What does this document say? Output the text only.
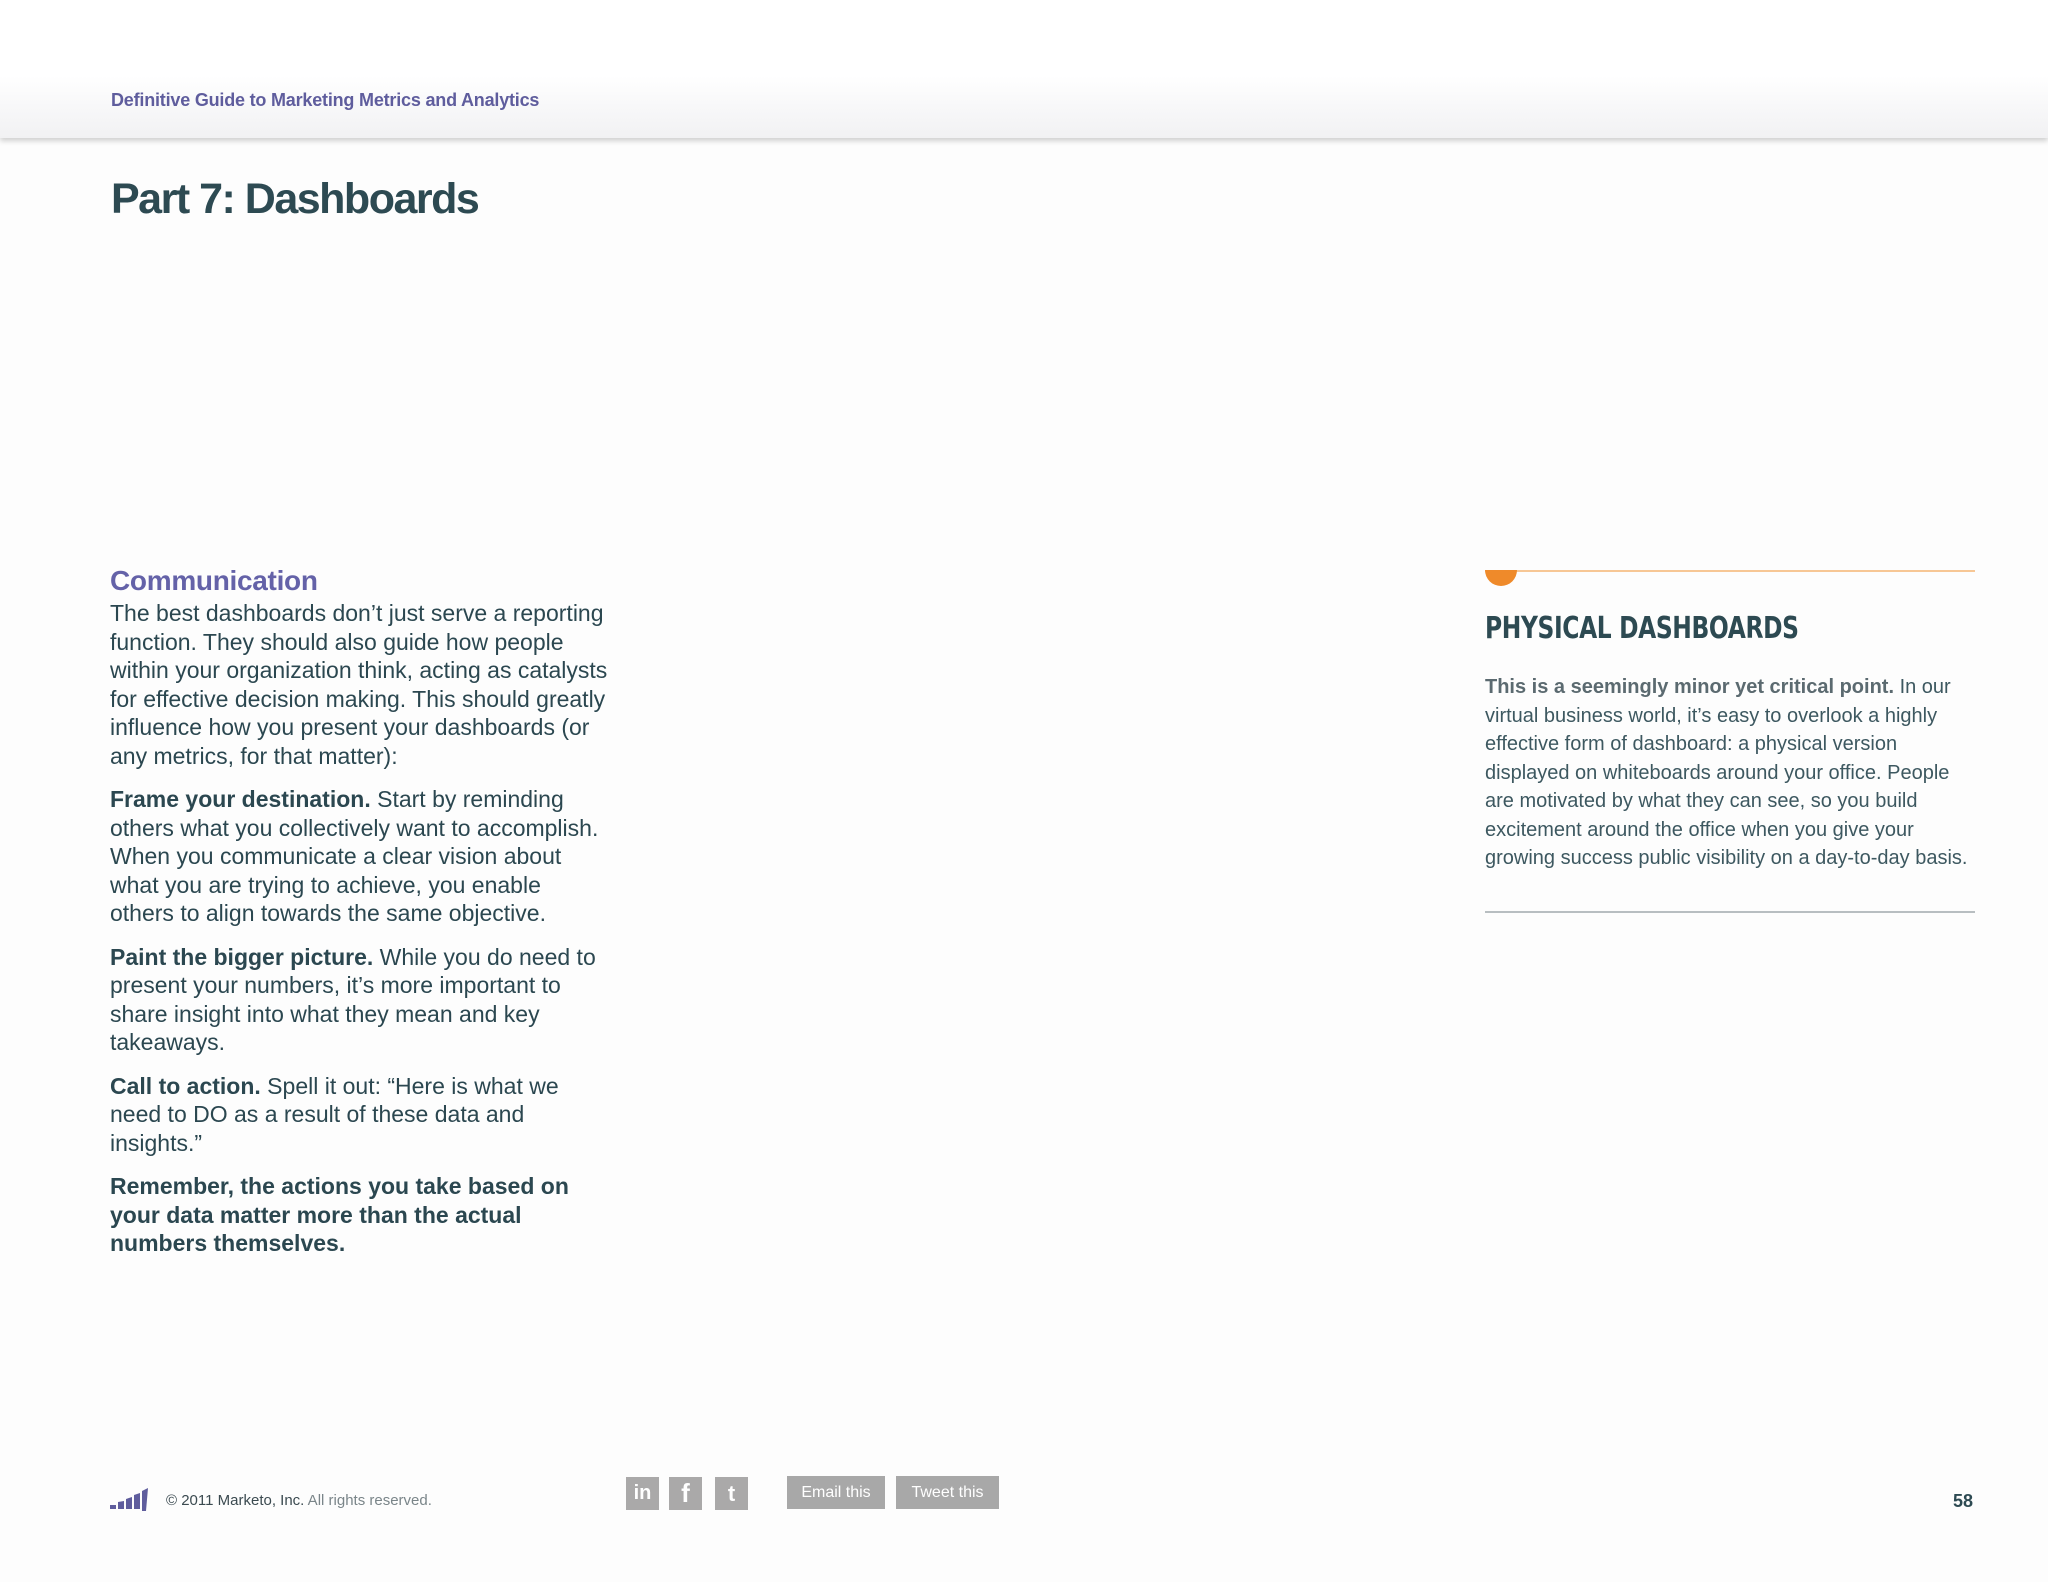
Definitive Guide to Marketing Metrics and Analytics
Part 7: Dashboards
Communication

The best dashboards don’t just serve a reporting function. They should also guide how people within your organization think, acting as catalysts for effective decision making. This should greatly influence how you present your dashboards (or any metrics, for that matter):

Frame your destination. Start by reminding others what you collectively want to accomplish. When you communicate a clear vision about what you are trying to achieve, you enable others to align towards the same objective.

Paint the bigger picture. While you do need to present your numbers, it’s more important to share insight into what they mean and key takeaways.

Call to action. Spell it out: “Here is what we need to DO as a result of these data and insights.”

Remember, the actions you take based on your data matter more than the actual numbers themselves.

PHYSICAL DASHBOARDS
This is a seemingly minor yet critical point. In our virtual business world, it’s easy to overlook a highly effective form of dashboard: a physical version displayed on whiteboards around your office. People are motivated by what they can see, so you build excitement around the office when you give your growing success public visibility on a day-to-day basis.
© 2011 Marketo, Inc. All rights reserved.	in	f	t	Email this	Tweet this	58
